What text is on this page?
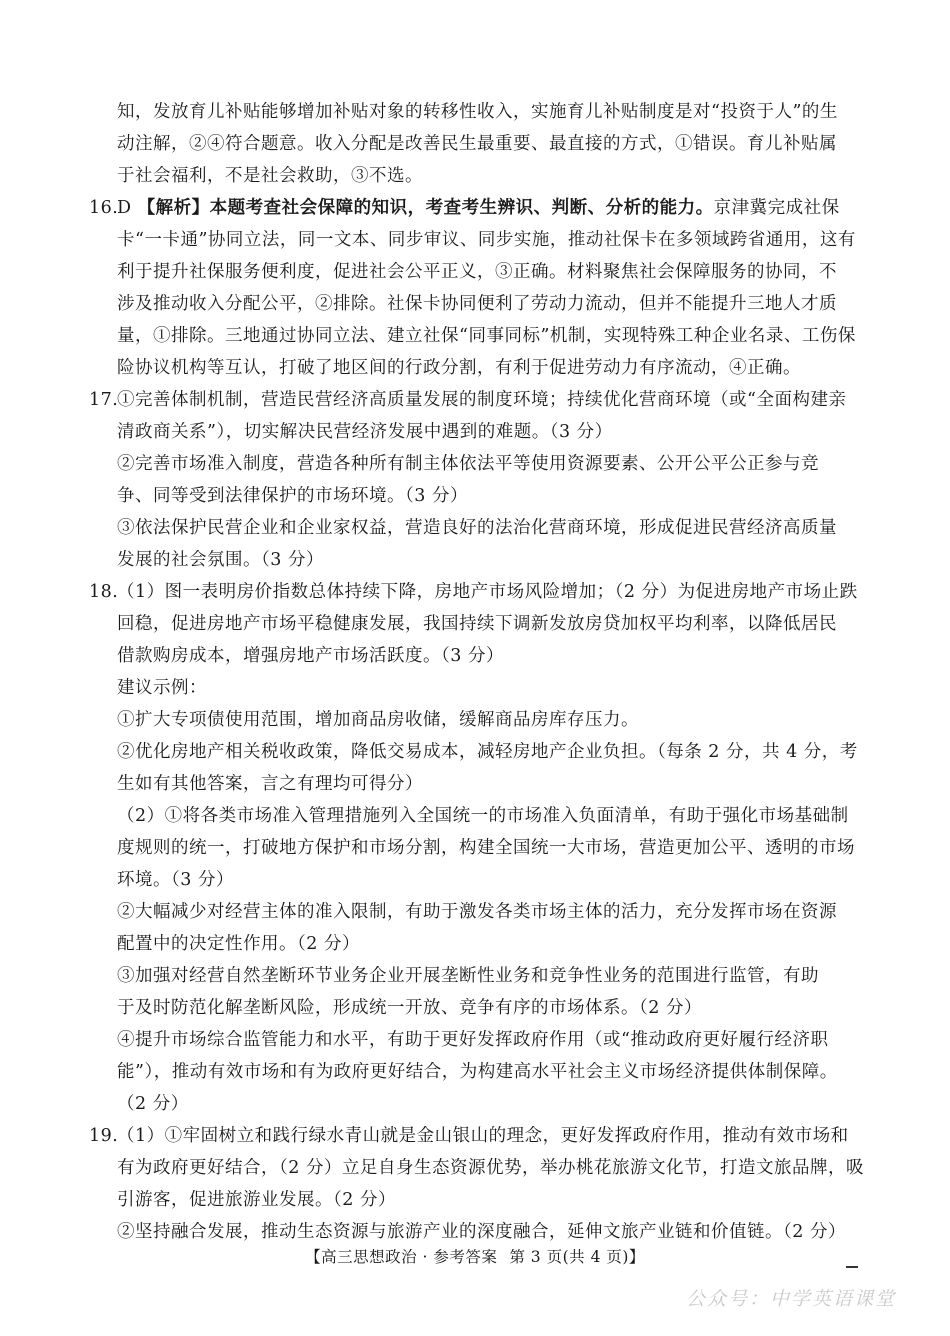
知，发放育儿补贴能够增加补贴对象的转移性收入，实施育儿补贴制度是对“投资于人”的生
动注解，②④符合题意。收入分配是改善民生最重要、最直接的方式，①错误。育儿补贴属
于社会福利，不是社会救助，③不选。
16.
D 【解析】本题考查社会保障的知识，考查考生辨识、判断、分析的能力。京津冀完成社保
卡“一卡通”协同立法，同一文本、同步审议、同步实施，推动社保卡在多领域跨省通用，这有
利于提升社保服务便利度，促进社会公平正义，③正确。材料聚焦社会保障服务的协同，不
涉及推动收入分配公平，②排除。社保卡协同便利了劳动力流动，但并不能提升三地人才质
量，①排除。三地通过协同立法、建立社保“同事同标”机制，实现特殊工种企业名录、工伤保
险协议机构等互认，打破了地区间的行政分割，有利于促进劳动力有序流动，④正确。
17.
①完善体制机制，营造民营经济高质量发展的制度环境；持续优化营商环境（或“全面构建亲
清政商关系”），切实解决民营经济发展中遇到的难题。（3 分）
②完善市场准入制度，营造各种所有制主体依法平等使用资源要素、公开公平公正参与竞
争、同等受到法律保护的市场环境。（3 分）
③依法保护民营企业和企业家权益，营造良好的法治化营商环境，形成促进民营经济高质量
发展的社会氛围。（3 分）
18.
（1）图一表明房价指数总体持续下降，房地产市场风险增加；（2 分）为促进房地产市场止跌
回稳，促进房地产市场平稳健康发展，我国持续下调新发放房贷加权平均利率，以降低居民
借款购房成本，增强房地产市场活跃度。（3 分）
建议示例：
①扩大专项债使用范围，增加商品房收储，缓解商品房库存压力。
②优化房地产相关税收政策，降低交易成本，减轻房地产企业负担。（每条 2 分，共 4 分，考
生如有其他答案，言之有理均可得分）
（2）①将各类市场准入管理措施列入全国统一的市场准入负面清单，有助于强化市场基础制
度规则的统一，打破地方保护和市场分割，构建全国统一大市场，营造更加公平、透明的市场
环境。（3 分）
②大幅减少对经营主体的准入限制，有助于激发各类市场主体的活力，充分发挥市场在资源
配置中的决定性作用。（2 分）
③加强对经营自然垄断环节业务企业开展垄断性业务和竞争性业务的范围进行监管，有助
于及时防范化解垄断风险，形成统一开放、竞争有序的市场体系。（2 分）
④提升市场综合监管能力和水平，有助于更好发挥政府作用（或“推动政府更好履行经济职
能”），推动有效市场和有为政府更好结合，为构建高水平社会主义市场经济提供体制保障。
（2 分）
19.
（1）①牢固树立和践行绿水青山就是金山银山的理念，更好发挥政府作用，推动有效市场和
有为政府更好结合，（2 分）立足自身生态资源优势，举办桃花旅游文化节，打造文旅品牌，吸
引游客，促进旅游业发展。（2 分）
②坚持融合发展，推动生态资源与旅游产业的深度融合，延伸文旅产业链和价值链。（2 分）
【高三思想政治 · 参考答案 第 3 页(共 4 页)】
公众号：中学英语课堂
